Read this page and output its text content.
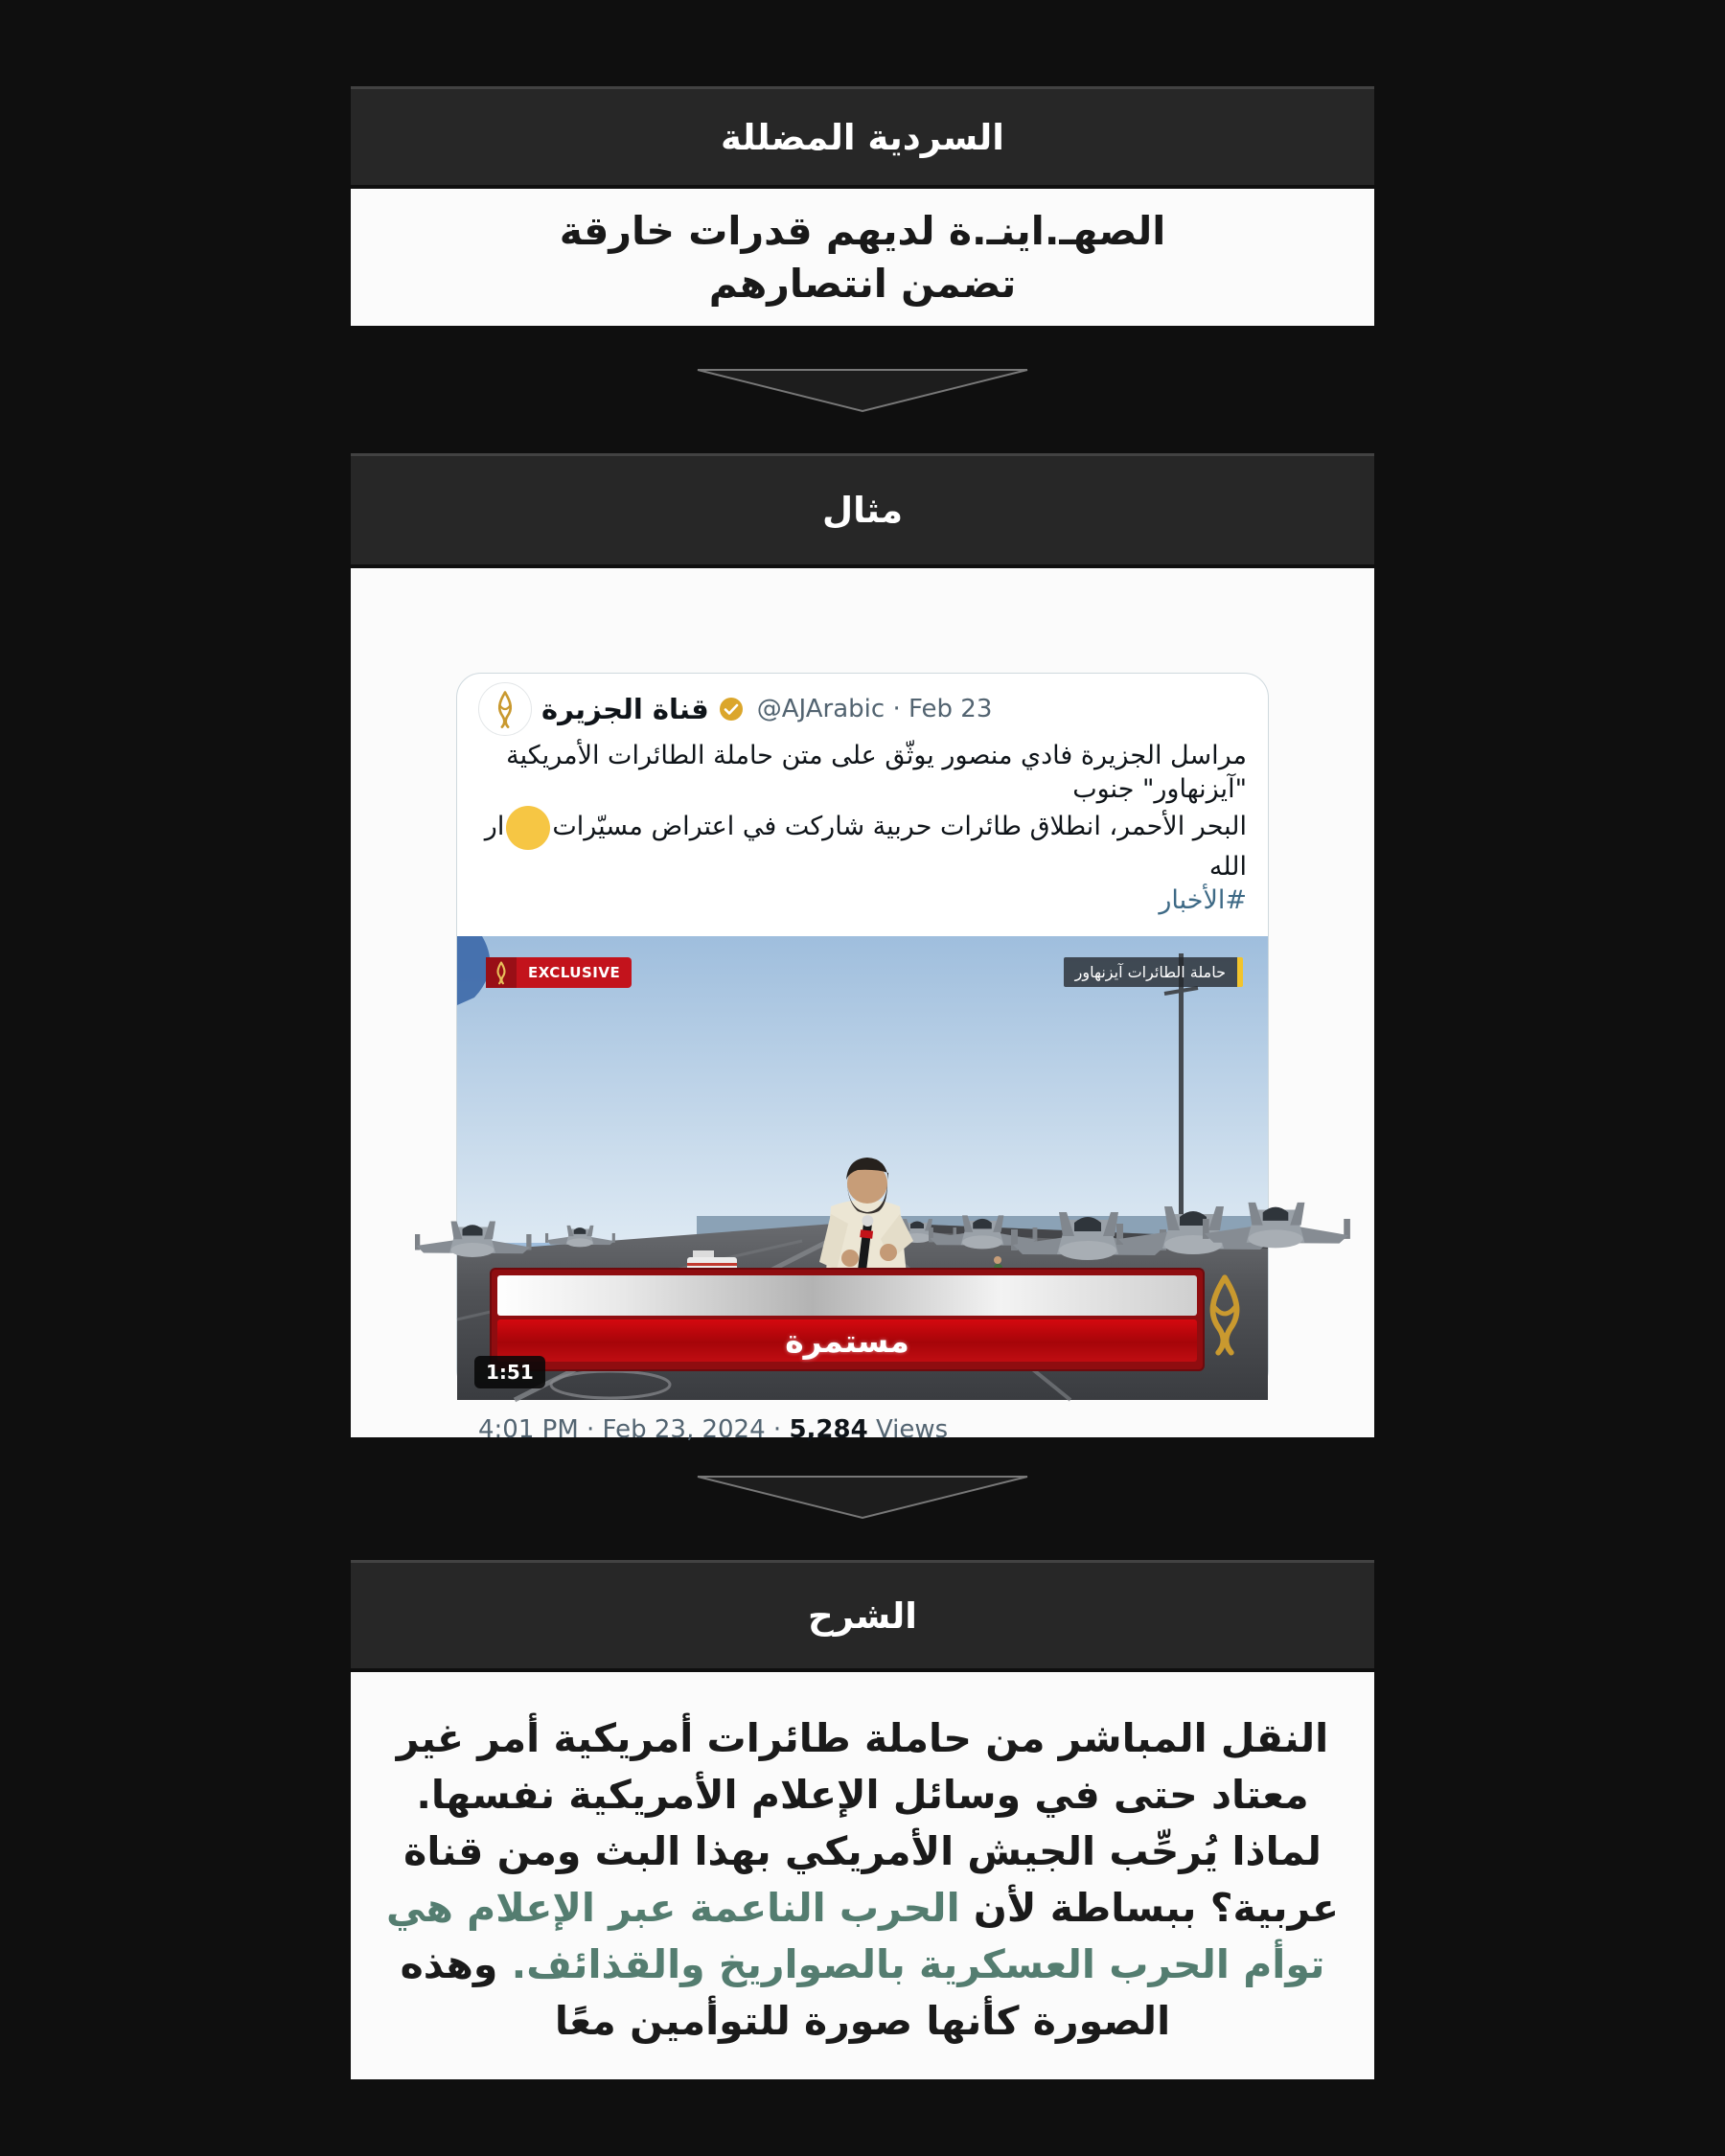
السردية المضللة
الصهـ.اينـ.ة لديهم قدرات خارقة
تضمن انتصارهم
مثال
قناة الجزيرة @AJArabic · Feb 23
مراسل الجزيرة فادي منصور يوثّق على متن حاملة الطائرات الأمريكية "آيزنهاور" جنوب
البحر الأحمر، انطلاق طائرات حربية شاركت في اعتراض مسيّراتار الله
#الأخبار
EXCLUSIVE	حاملة الطائرات آيزنهاور
مستمرة
1:51
4:01 PM · Feb 23, 2024 · 5,284 Views
الشرح
النقل المباشر من حاملة طائرات أمريكية أمر غير
معتاد حتى في وسائل الإعلام الأمريكية نفسها.
لماذا يُرحِّب الجيش الأمريكي بهذا البث ومن قناة
عربية؟ ببساطة لأن الحرب الناعمة عبر الإعلام هي
توأم الحرب العسكرية بالصواريخ والقذائف. وهذه
الصورة كأنها صورة للتوأمين معًا
